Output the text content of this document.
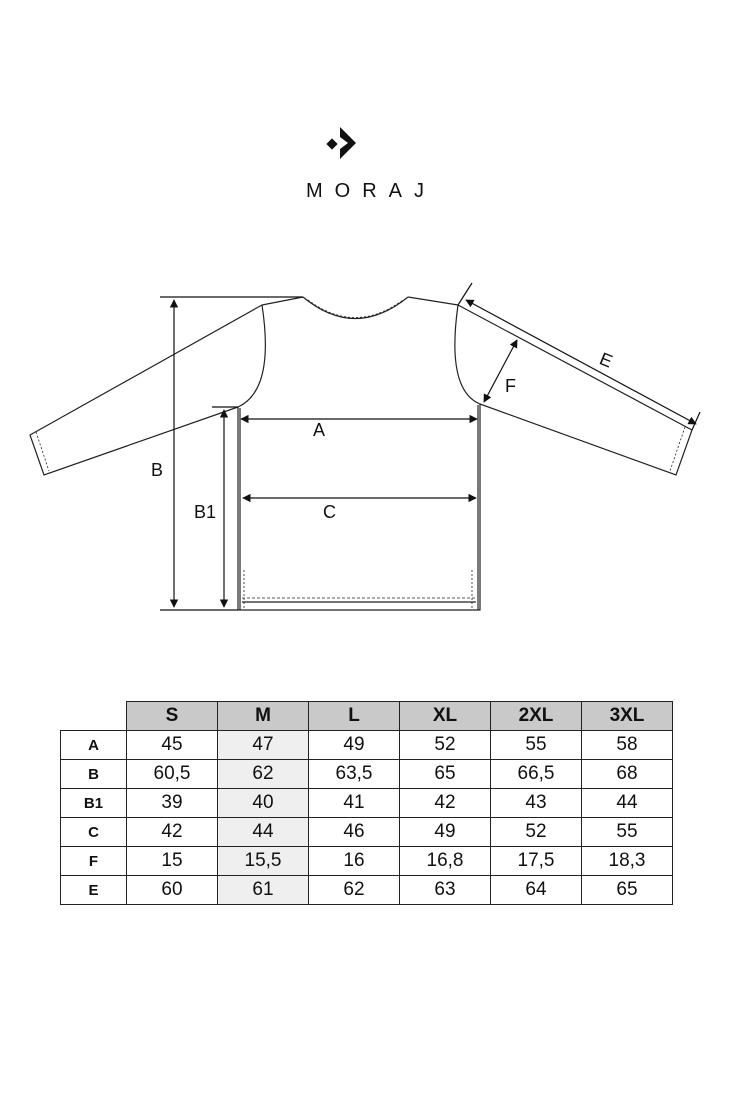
MORAJ
A
B
B1	C
E
F
	S	M	L	XL	2XL	3XL
A	45	47	49	52	55	58
B	60,5	62	63,5	65	66,5	68
B1	39	40	41	42	43	44
C	42	44	46	49	52	55
F	15	15,5	16	16,8	17,5	18,3
E	60	61	62	63	64	65
